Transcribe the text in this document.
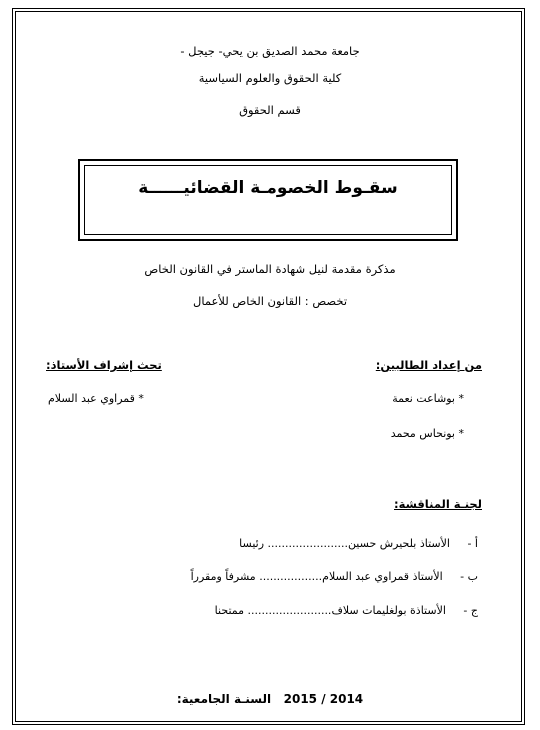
جامعة محمد الصديق بن يحي- جيجل -
كلية الحقوق والعلوم السياسية
قسم الحقوق
سقـوط الخصومـة القضائيــــــة
مذكرة مقدمة لنيل شهادة الماستر في القانون الخاص
تخصص : القانون الخاص للأعمال
من إعداد الطالبين:
* بوشاعت نعمة
* بونحاس محمد
تحث إشراف الأستاذ:
* قمراوي عبد السلام
لجنـة المناقشة:
أ -     الأستاذ بلحيرش حسين....................... رئيسا
ب -     الأستاذ قمراوي عبد السلام.................. مشرفاً ومقرراً
ج -     الأستاذة بولغليمات سلاف........................ ممتحنا
السنـة الجامعية: 2015 / 2014
